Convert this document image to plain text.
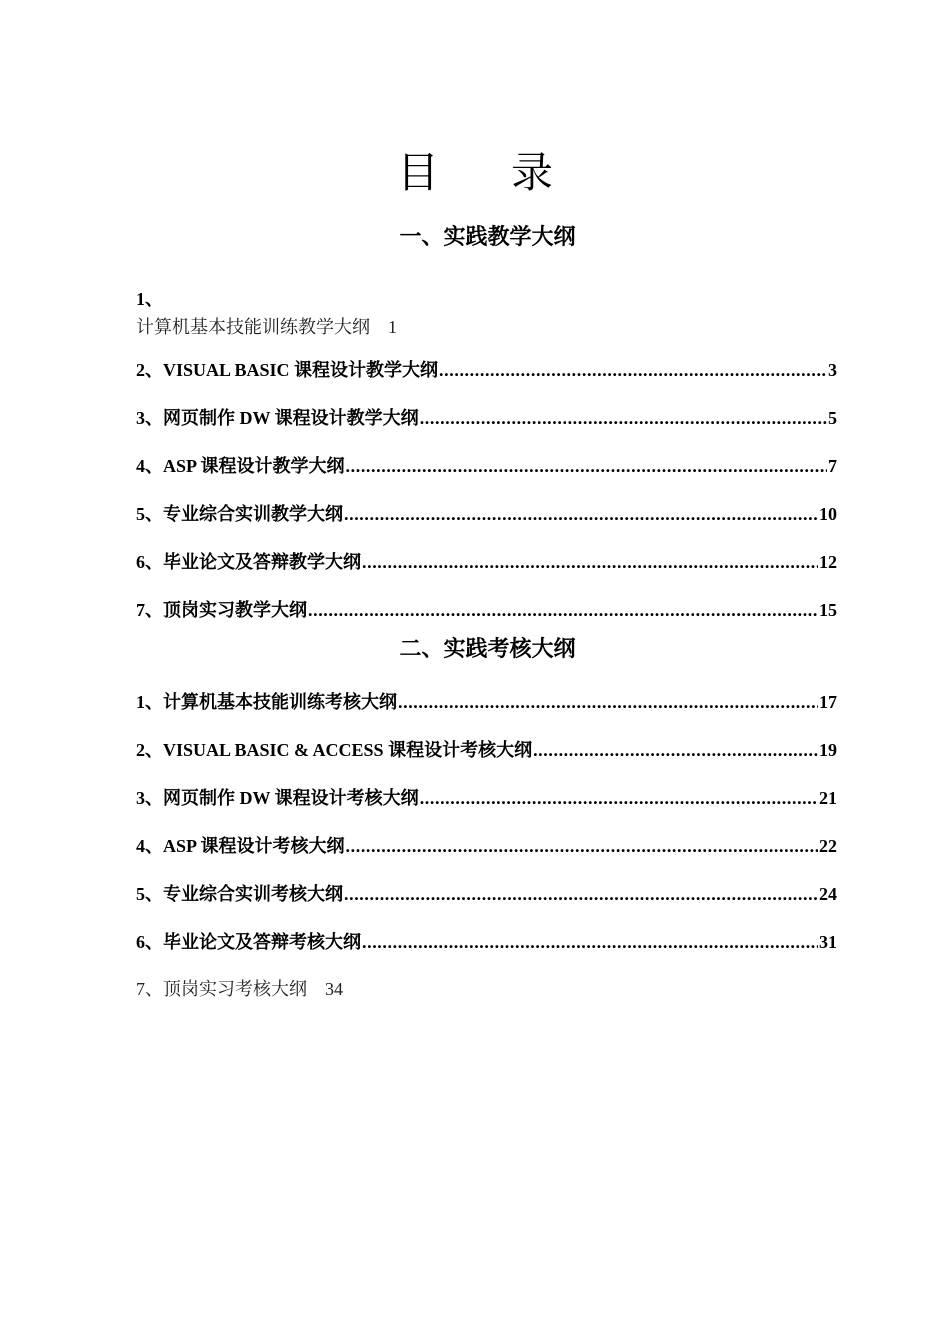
目 录
一、实践教学大纲
1、
计算机基本技能训练教学大纲 1
2、VISUAL BASIC 课程设计教学大纲 .....	3
3、网页制作 DW 课程设计教学大纲 .....	5
4、ASP 课程设计教学大纲 .....	7
5、专业综合实训教学大纲 .....	10
6、毕业论文及答辩教学大纲 .....	12
7、顶岗实习教学大纲 .....	15
二、实践考核大纲
1、计算机基本技能训练考核大纲 .....	17
2、VISUAL BASIC & ACCESS 课程设计考核大纲 .....	19
3、网页制作 DW 课程设计考核大纲 .....	21
4、ASP 课程设计考核大纲 .....	22
5、专业综合实训考核大纲 .....	24
6、毕业论文及答辩考核大纲 .....	31
7、顶岗实习考核大纲 34
